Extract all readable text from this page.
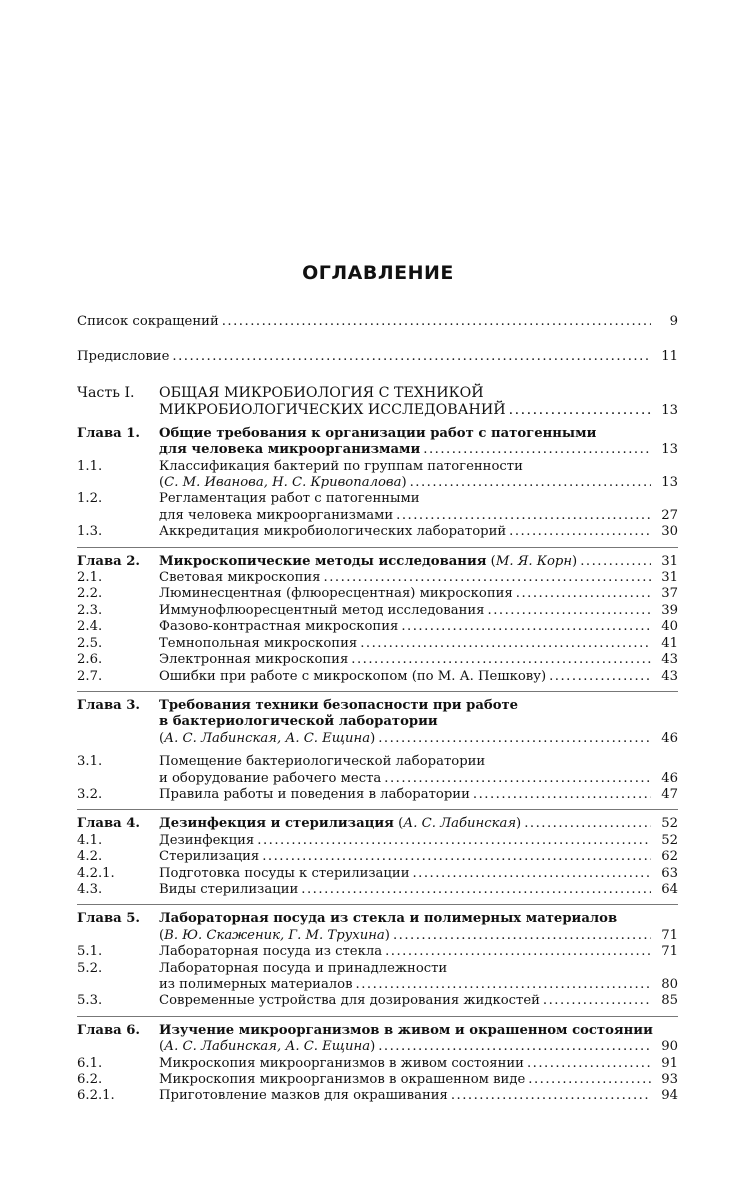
ОГЛАВЛЕНИЕ
Список сокращений .....	9
Предисловие .....	11
Часть I.	ОБЩАЯ МИКРОБИОЛОГИЯ С ТЕХНИКОЙ
МИКРОБИОЛОГИЧЕСКИХ ИССЛЕДОВАНИЙ .....	13
Глава 1.	Общие требования к организации работ с патогенными
для человека микроорганизмами .....	13
1.1.	Классификация бактерий по группам патогенности
(С. М. Иванова, Н. С. Кривопалова) .....	13
1.2.	Регламентация работ с патогенными
для человека микроорганизмами .....	27
1.3.	Аккредитация микробиологических лабораторий .....	30
Глава 2.	Микроскопические методы исследования ( М. Я. Корн ) .....	31
2.1.	Световая микроскопия .....	31
2.2.	Люминесцентная (флюоресцентная) микроскопия .....	37
2.3.	Иммунофлюоресцентный метод исследования .....	39
2.4.	Фазово-контрастная микроскопия .....	40
2.5.	Темнопольная микроскопия .....	41
2.6.	Электронная микроскопия .....	43
2.7.	Ошибки при работе с микроскопом (по М. А. Пешкову) .....	43
Глава 3.	Требования техники безопасности при работе
в бактериологической лаборатории
(А. С. Лабинская, А. С. Ещина) .....	46
3.1.	Помещение бактериологической лаборатории
и оборудование рабочего места .....	46
3.2.	Правила работы и поведения в лаборатории .....	47
Глава 4.	Дезинфекция и стерилизация ( А. С. Лабинская ) .....	52
4.1.	Дезинфекция .....	52
4.2.	Стерилизация .....	62
4.2.1.	Подготовка посуды к стерилизации .....	63
4.3.	Виды стерилизации .....	64
Глава 5.	Лабораторная посуда из стекла и полимерных материалов
(В. Ю. Скаженик, Г. М. Трухина) .....	71
5.1.	Лабораторная посуда из стекла .....	71
5.2.	Лабораторная посуда и принадлежности
из полимерных материалов .....	80
5.3.	Современные устройства для дозирования жидкостей .....	85
Глава 6.	Изучение микроорганизмов в живом и окрашенном состоянии
(А. С. Лабинская, А. С. Ещина) .....	90
6.1.	Микроскопия микроорганизмов в живом состоянии .....	91
6.2.	Микроскопия микроорганизмов в окрашенном виде .....	93
6.2.1.	Приготовление мазков для окрашивания .....	94
